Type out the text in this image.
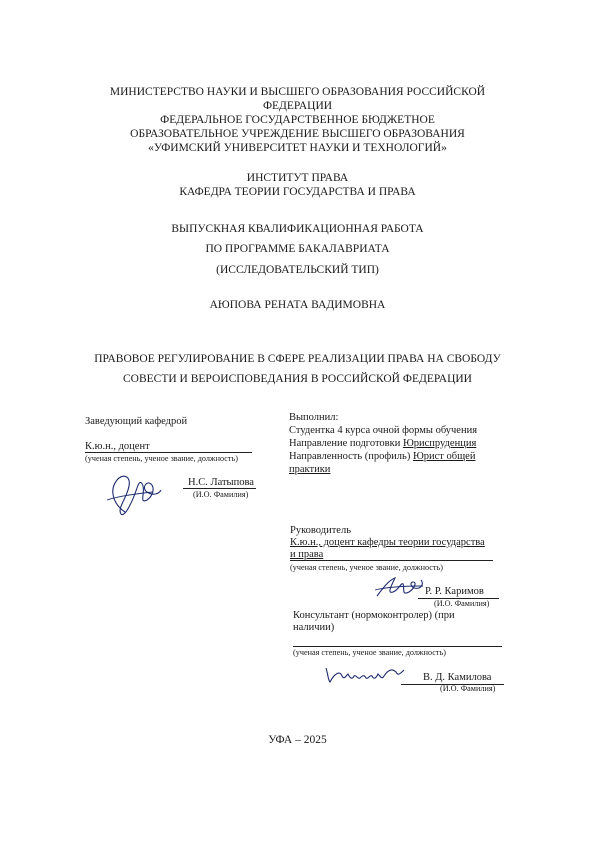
МИНИСТЕРСТВО НАУКИ И ВЫСШЕГО ОБРАЗОВАНИЯ РОССИЙСКОЙ
ФЕДЕРАЦИИ
ФЕДЕРАЛЬНОЕ ГОСУДАРСТВЕННОЕ БЮДЖЕТНОЕ
ОБРАЗОВАТЕЛЬНОЕ УЧРЕЖДЕНИЕ ВЫСШЕГО ОБРАЗОВАНИЯ
«УФИМСКИЙ УНИВЕРСИТЕТ НАУКИ И ТЕХНОЛОГИЙ»
ИНСТИТУТ ПРАВА
КАФЕДРА ТЕОРИИ ГОСУДАРСТВА И ПРАВА
ВЫПУСКНАЯ КВАЛИФИКАЦИОННАЯ РАБОТА
ПО ПРОГРАММЕ БАКАЛАВРИАТА
(ИССЛЕДОВАТЕЛЬСКИЙ ТИП)
АЮПОВА РЕНАТА ВАДИМОВНА
ПРАВОВОЕ РЕГУЛИРОВАНИЕ В СФЕРЕ РЕАЛИЗАЦИИ ПРАВА НА СВОБОДУ
СОВЕСТИ И ВЕРОИСПОВЕДАНИЯ В РОССИЙСКОЙ ФЕДЕРАЦИИ
Заведующий кафедрой
К.ю.н., доцент
(ученая степень, ученое звание, должность)
Н.С. Латыпова
(И.О. Фамилия)
Выполнил:
Студентка 4 курса очной формы обучения
Направление подготовки Юриспруденция
Направленность (профиль) Юрист общей
практики
Руководитель
К.ю.н., доцент кафедры теории государства
и права
(ученая степень, ученое звание, должность)
Р. Р. Каримов
(И.О. Фамилия)
Консультант (нормоконтролер) (при
наличии)
(ученая степень, ученое звание, должность)
В. Д. Камилова
(И.О. Фамилия)
УФА – 2025
